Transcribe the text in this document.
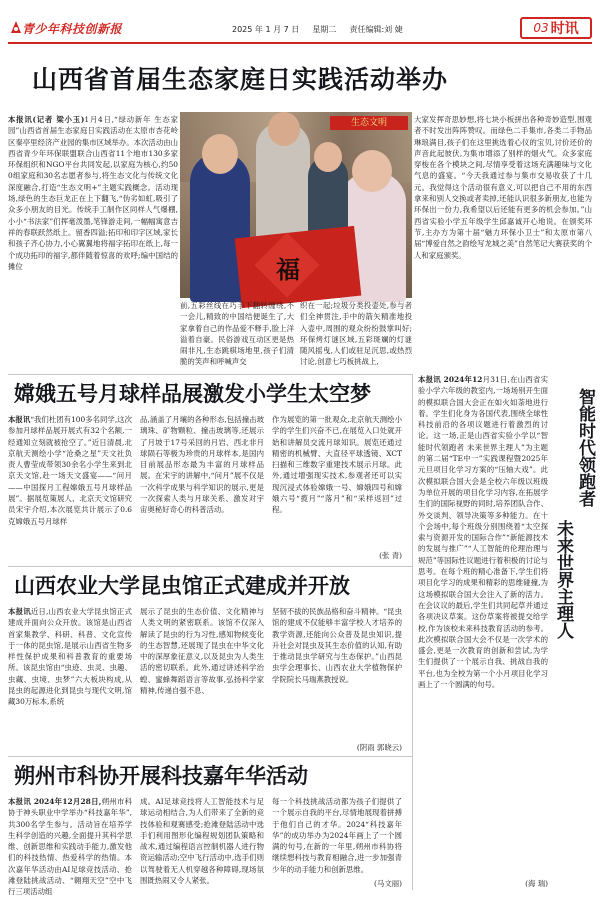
青少年科技创新报	2025 年 1 月 7 日 星期二 责任编辑:刘 婕	03 时讯
山西省首届生态家庭日实践活动举办
本报讯(记者 梁小玉)1月4日,“绿动新年 生态家园”山西省首届生态家庭日实践活动在太原市杏花岭区秦亭里经济产业园的集市区域举办。本次活动由山西省青少年环保联盟联合山西省11个地市130多家环保组织和NGO平台共同发起,以家庭为核心,约500组家庭和30名志愿者参与,将生态文化与传统文化深度融合,打造“生态文明+”主题实践概念。活动现场,绿色的生态巨龙正在上下翻飞,“伪劣如虹,吸引了众多小朋友的目光。传统手工制作区同样人气爆棚,小小“书法家”们挥毫泼墨,笔锋游走间,一幅幅寓意吉祥的春联跃然纸上。留香四溢;拓印和印字区域,家长和孩子齐心协力,小心翼翼地将福字拓印在纸上,每一个成功拓印的福字,都伴随着惊喜的欢呼;编中国结的摊位	福
生态文明	大家发挥奇思妙想,将七块小板拼出各种奇妙造型,围观者不时发出阵阵赞叹。而绿色二手集市,各类二手物品琳琅满目,孩子们在这里挑选着心仪的宝贝,讨价还价的声音此起彼伏,为集市增添了别样的烟火气。众多家庭穿梭在各个模块之间,尽情享受着这场充满趣味与文化气息的盛宴。“今天我通过参与集市交易收获了十几元。我觉得这个活动很有意义,可以把自己不用的东西拿来和别人交换或者卖掉,还能认识很多新朋友,也能为环保出一份力,我希望以后还能有更多的机会参加。”山西省实验小学五年级学生邱嘉诚开心地说。在颁奖环节,主办方为第十届“魅力环保小卫士”和太原市第八届“博爱自然之韵绘写龙城之美”自然笔记大赛获奖的个人和家庭颁奖。
前,五彩丝线在巧手下翻转缠绕,不一会儿,精致的中国结便诞生了,大家拿着自己的作品爱不释手,脸上洋溢着自豪。民俗游戏互动区更是热闹非凡,生态跳棋场地里,孩子们清脆的笑声和呼喊声交
织在一起;垃圾分类投壶处,参与者们全神贯注,手中的箭矢精准地投入壶中,周围的观众纷纷鼓掌叫好;环保烤灯谜区域,五彩斑斓的灯谜随风摇曳,人们或驻足沉思,或热烈讨论,创意七巧板挑战上,
嫦娥五号月球样品展激发小学生太空梦
本报讯“我们杜团有100多名同学,这次参加月球样品展开展式有32个名额,一经通知立刻就被抢空了。”近日清晨,北京航天测绘小学“沧桑之星”天文社负责人曹莹成带领30余名小学生来到北京天文馆,赴一场天文盛宴——“问月——中国探月工程嫦娥五号月球样品展”。据展览策展人、北京天文馆研究员宋宇介绍,本次展览共计展示了0.6克嫦娥五号月球样
品,涵盖了月壤的各种形态,包括撞击玻璃珠、矿物颗粒、撞击玻璃等,还展示了月坡于17号采回的月岩、西北非月球陨石等极为珍贵的月球样本,是国内目前展品形态最为丰富的月球样品展。在宋宇的讲解中,“问月”展不仅是一次科学成果与科学知识的展示,更是一次探索人类与月球关系、激发对宇宙奥秘好奇心的科普活动。
作为展览的第一批观众,北京航天测绘小学的学生们兴奋不已,在展览入口处就开始和讲解员交流月球知识。展览还通过精密的机械臂、大直径平球透镜、XCT扫描和三维数字重建技术展示月球。此外,通过增强现实技术,参观者还可以实现沉浸式体验嫦娥一号、嫦娥四号和嫦娥六号“揽月”“落月”和“采样返回”过程。
(张 青)
山西农业大学昆虫馆正式建成并开放
本报讯近日,山西农业大学昆虫馆正式建成并面向公众开放。该馆是山西省首家集教学、科研、科普、文化宣传于一体的昆虫馆,是展示山西省生物多样性保护成果和科普教育的重要场所。该昆虫馆由“虫迹、虫灵、虫趣、虫藏、虫境、虫梦”六大板块构成,从昆虫的起源进化到昆虫与现代文明,馆藏30万标本,系统
展示了昆虫的生态价值、文化精神与人类文明的紧密联系。该馆不仅深入解读了昆虫的行为习性,感知物候变化的生态智慧,还展现了昆虫在中华文化中的深厚象征意义,以及昆虫为人类生活的密切联系。此外,通过讲述科学治蝗、蜜蜂舞蹈语言等故事,弘扬科学家精神,传递自强不息、
坚韧不拔的民族品格和奋斗精神。“昆虫馆的建成不仅能够丰富学校人才培养的教学资源,还能向公众普及昆虫知识,提升社会对昆虫及其生态价值的认知,有助于推动昆虫学研究与生态保护。”山西昆虫学会理事长、山西农业大学植物保护学院院长马瑞燕教授说。
(阴雨 郭晓云)
朔州市科协开展科技嘉年华活动
本报讯 2024年12月28日,朔州市科协于神头职业中学举办“科技嘉年华”,共300名学生参与。活动旨在培养学生科学创造的兴趣,全面提升其科学思维、创新思维和实践动手能力,激发他们的科技热情、热爱科学的热情。本次嘉年华活动由AI足球竞技活动、抢滩登陆挑战活动、“翱翔天空”空中飞行三项活动组
成。AI足球竞技将人工智能技术与足球运动相结合,为人们带来了全新的竞技体验和观赛感受;抢滩登陆活动中选手们利用图形化编程规划团队策略和战术,通过编程语言控制机器人进行物资运输活动;空中飞行活动中,选手们则以驾驶着无人机穿越各种障碍,现场氛围既热闹又令人紧张。
每一个科技挑战活动都为孩子们提供了一个展示自我的平台,尽情地展现着拼搏于他们自己的才华。2024“科技嘉年华”的成功举办为2024年画上了一个圆满的句号,在新的一年里,朔州市科协将继续想科技与教育相融合,进一步加强青少年的动手能力和创新思维。
(马文丽)
本报讯 2024年12月31日,在山西省实验小学六年级的教室内,一场场别开生面的模拟联合国大会正在如火如荼地进行着。学生们化身为各国代表,围绕全球性科技前沿的各项议题进行着激烈的讨论。这一场,正是山西省实验小学以“智能时代领跑者 未来世界主理人”为主题的第二届“TE中一”实践课程暨2025年元旦项目化学习方案的“压轴大戏”。此次模拟联合国大会是全校六年级以班级为单位开展的项目化学习内容,在拓展学生们的国际视野的同时,培养团队合作、外交谈判、领导决策等多种能力。在十个会场中,每个班级分别围绕着“太空探索与资源开发的国际合作”“新能源技术的发展与推广”“人工智能的伦理治理与规范”等国际性议题进行着积极的讨论与思考。在每个班的精心准备下,学生们将项目化学习的成果和精彩的思维碰撞,为这场模拟联合国大会注入了新的活力。在会议议的最后,学生们共同起草并通过各项决议草案。这份草案将被提交给学校,作为该校未来科技教育活动的参考。此次模拟联合国大会不仅是一次学术的盛会,更是一次教育的创新和尝试,为学生们提供了一个展示自我、挑战自我的平台,也为全校为第一个小月项目化学习画上了一个圆满的句号。
(海 瑞)
智能时代领跑者
未来世界主理人
